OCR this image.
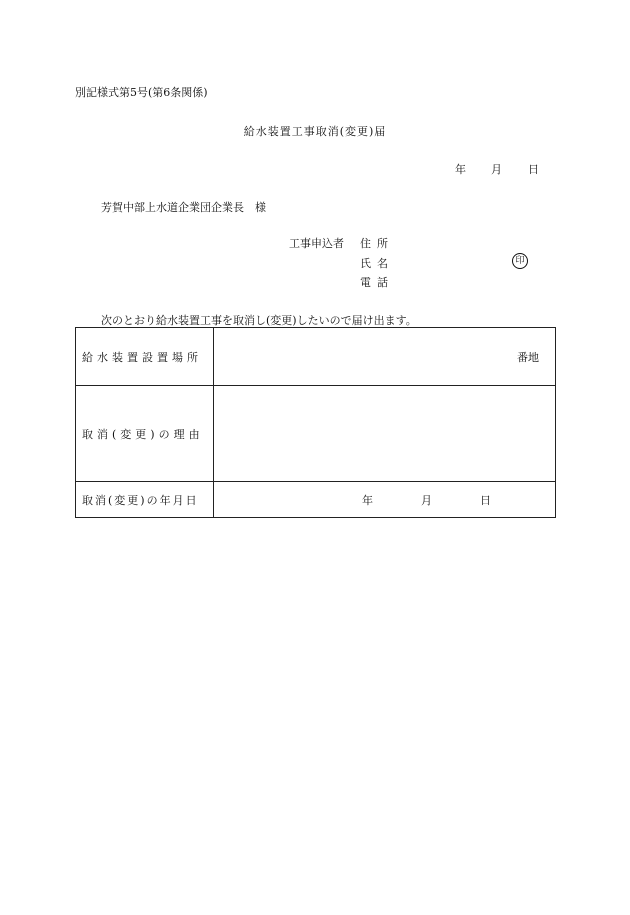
別記様式第5号(第6条関係)
給水装置工事取消(変更)届
年 月 日
芳賀中部上水道企業団企業長　様
工事申込者 住所
氏名
電話
印
次のとおり給水装置工事を取消し(変更)したいので届け出ます。
給水装置設置場所	番地

取消(変更)の理由	
取消(変更)の年月日	年 月 日
